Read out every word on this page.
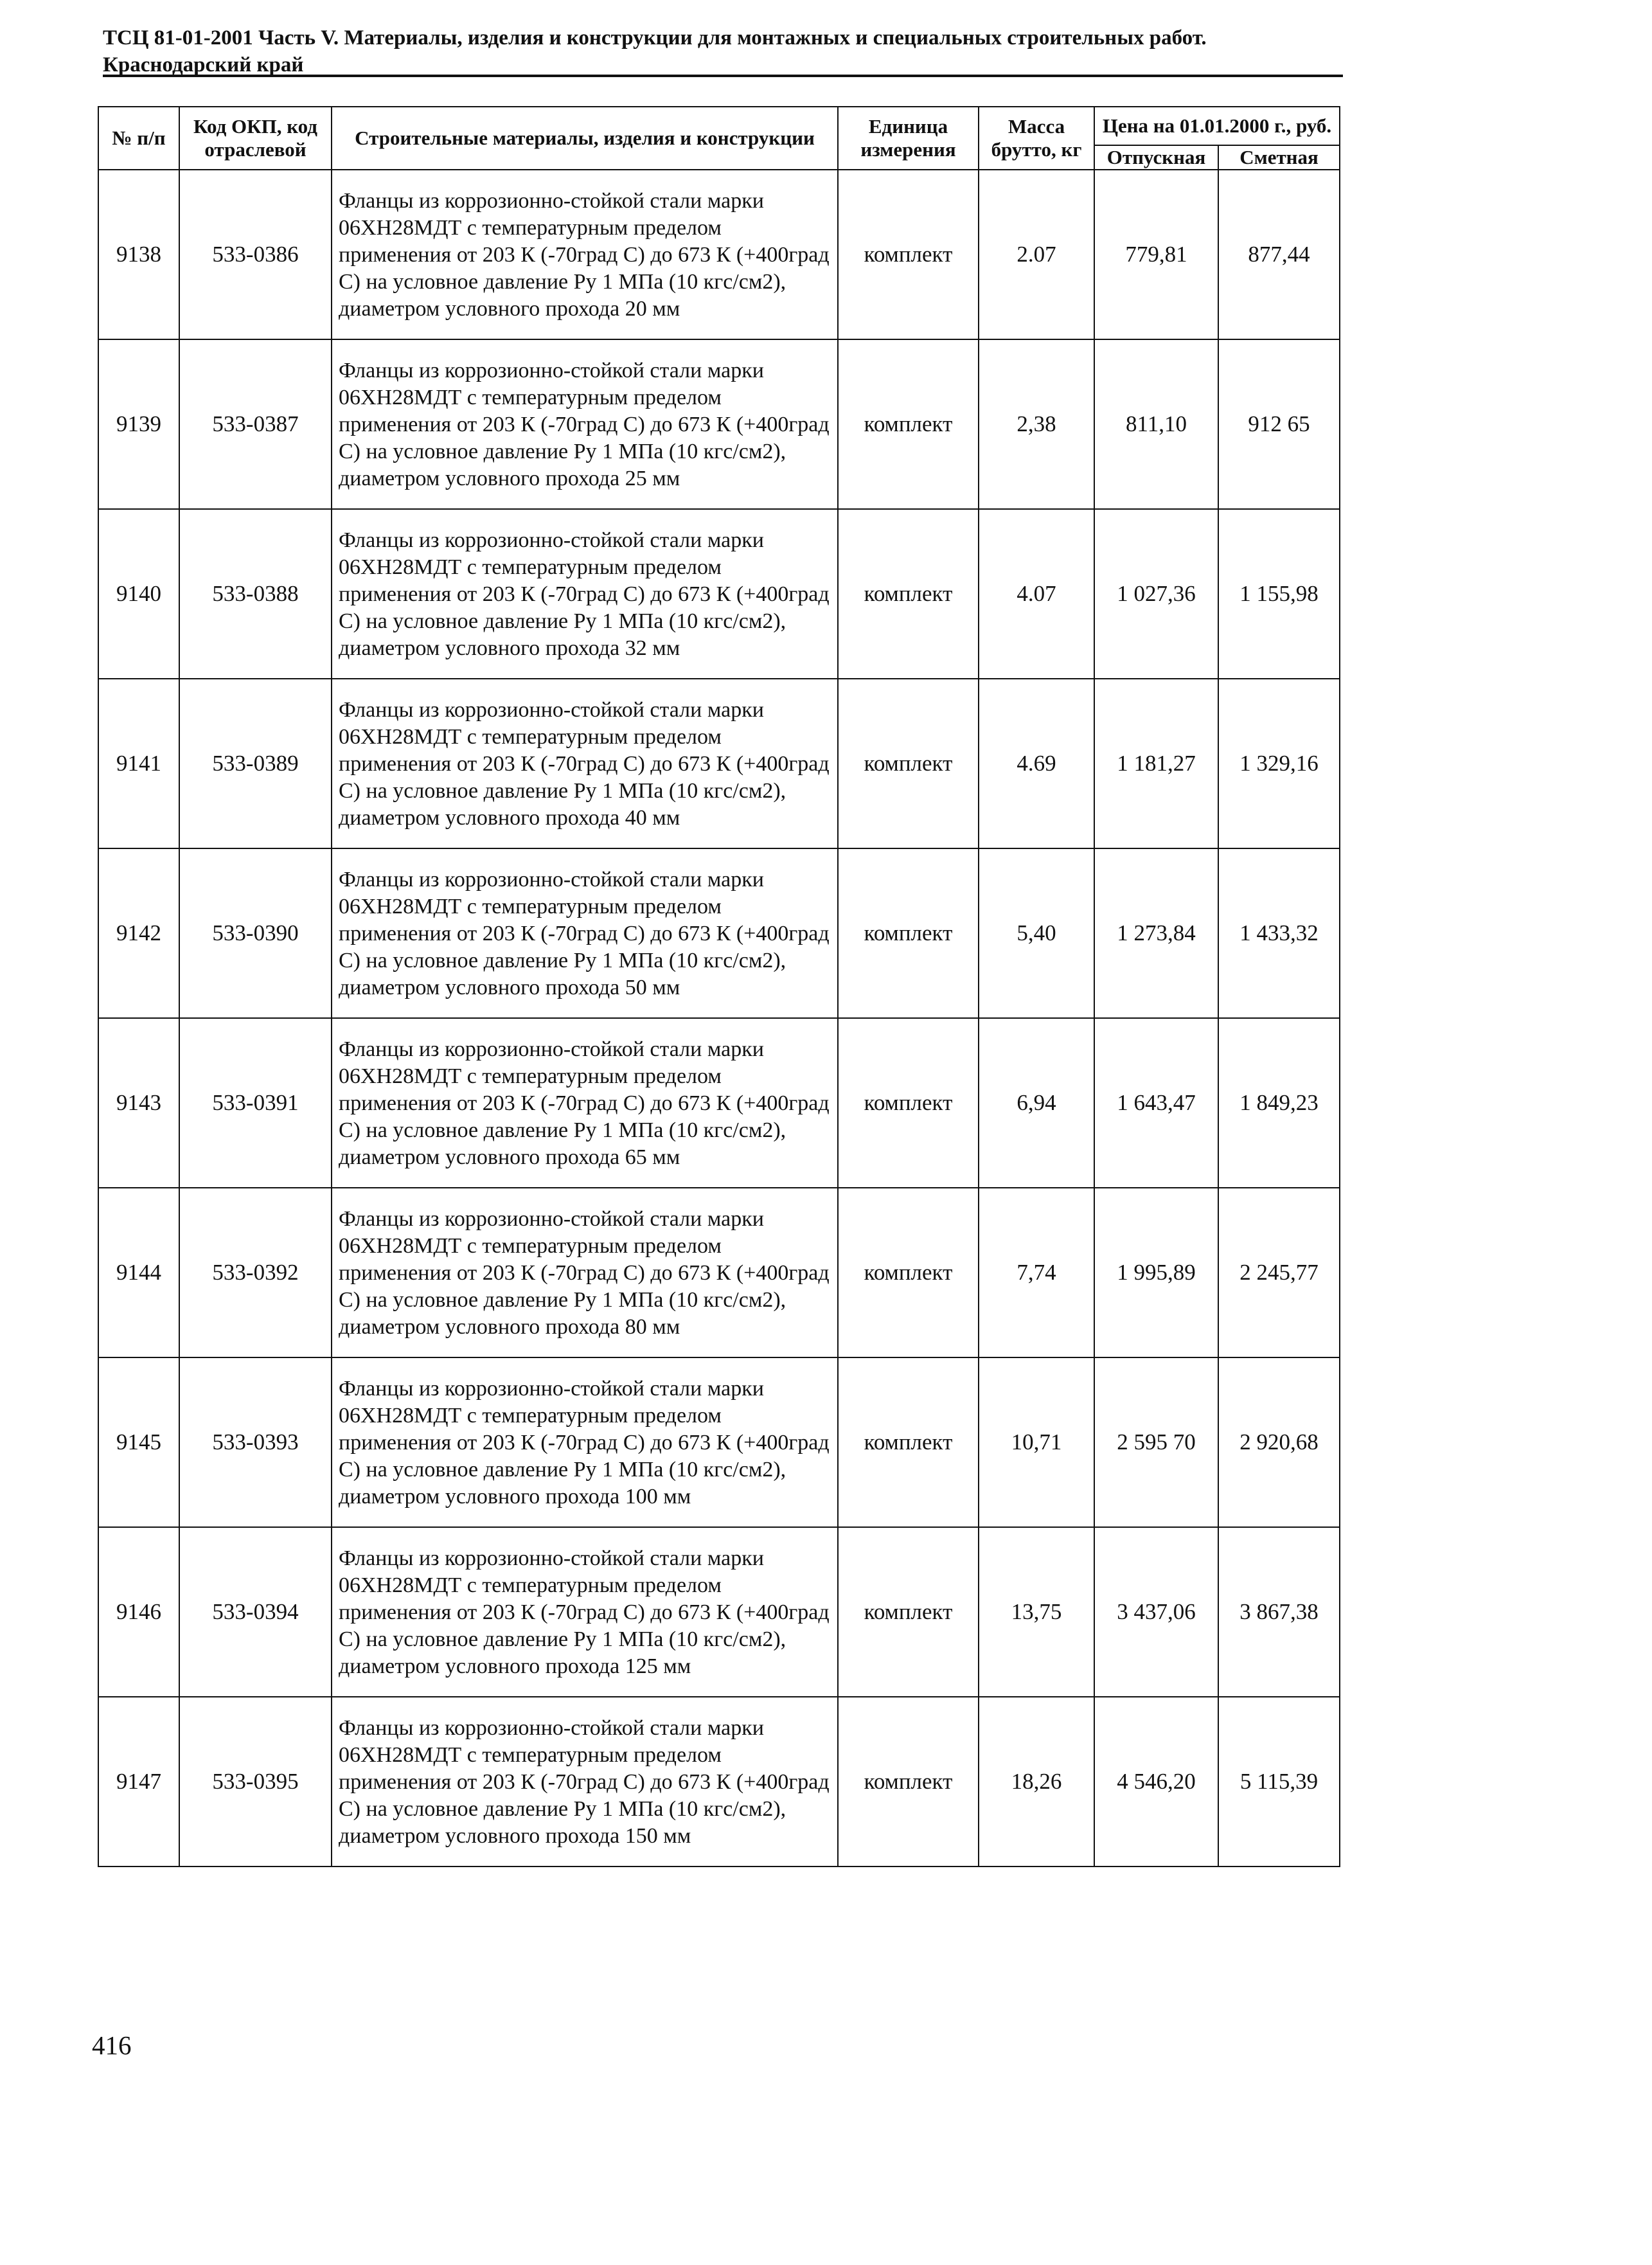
ТСЦ 81-01-2001 Часть V. Материалы, изделия и конструкции для монтажных и специальных строительных работ.
Краснодарский край
№ п/п	Код ОКП, код отраслевой	Строительные материалы, изделия и конструкции	Единица измерения	Масса брутто, кг	Цена на 01.01.2000 г., руб.	
					Отпускная	Сметная
9138	533-0386	Фланцы из коррозионно-стойкой стали марки 06ХН28МДТ с температурным пределом применения от 203 К (-70град С) до 673 К (+400град С) на условное давление Ру 1 МПа (10 кгс/см2), диаметром условного прохода 20 мм	комплект	2.07	779,81	877,44
9139	533-0387	Фланцы из коррозионно-стойкой стали марки 06ХН28МДТ с температурным пределом применения от 203 К (-70град С) до 673 К (+400град С) на условное давление Ру 1 МПа (10 кгс/см2), диаметром условного прохода 25 мм	комплект	2,38	811,10	912 65
9140	533-0388	Фланцы из коррозионно-стойкой стали марки 06ХН28МДТ с температурным пределом применения от 203 К (-70град С) до 673 К (+400град С) на условное давление Ру 1 МПа (10 кгс/см2), диаметром условного прохода 32 мм	комплект	4.07	1 027,36	1 155,98
9141	533-0389	Фланцы из коррозионно-стойкой стали марки 06ХН28МДТ с температурным пределом применения от 203 К (-70град С) до 673 К (+400град С) на условное давление Ру 1 МПа (10 кгс/см2), диаметром условного прохода 40 мм	комплект	4.69	1 181,27	1 329,16
9142	533-0390	Фланцы из коррозионно-стойкой стали марки 06ХН28МДТ с температурным пределом применения от 203 К (-70град С) до 673 К (+400град С) на условное давление Ру 1 МПа (10 кгс/см2), диаметром условного прохода 50 мм	комплект	5,40	1 273,84	1 433,32
9143	533-0391	Фланцы из коррозионно-стойкой стали марки 06ХН28МДТ с температурным пределом применения от 203 К (-70град С) до 673 К (+400град С) на условное давление Ру 1 МПа (10 кгс/см2), диаметром условного прохода 65 мм	комплект	6,94	1 643,47	1 849,23
9144	533-0392	Фланцы из коррозионно-стойкой стали марки 06ХН28МДТ с температурным пределом применения от 203 К (-70град С) до 673 К (+400град С) на условное давление Ру 1 МПа (10 кгс/см2), диаметром условного прохода 80 мм	комплект	7,74	1 995,89	2 245,77
9145	533-0393	Фланцы из коррозионно-стойкой стали марки 06ХН28МДТ с температурным пределом применения от 203 К (-70град С) до 673 К (+400град С) на условное давление Ру 1 МПа (10 кгс/см2), диаметром условного прохода 100 мм	комплект	10,71	2 595 70	2 920,68
9146	533-0394	Фланцы из коррозионно-стойкой стали марки 06ХН28МДТ с температурным пределом применения от 203 К (-70град С) до 673 К (+400град С) на условное давление Ру 1 МПа (10 кгс/см2), диаметром условного прохода 125 мм	комплект	13,75	3 437,06	3 867,38
9147	533-0395	Фланцы из коррозионно-стойкой стали марки 06ХН28МДТ с температурным пределом применения от 203 К (-70град С) до 673 К (+400град С) на условное давление Ру 1 МПа (10 кгс/см2), диаметром условного прохода 150 мм	комплект	18,26	4 546,20	5 115,39
416
